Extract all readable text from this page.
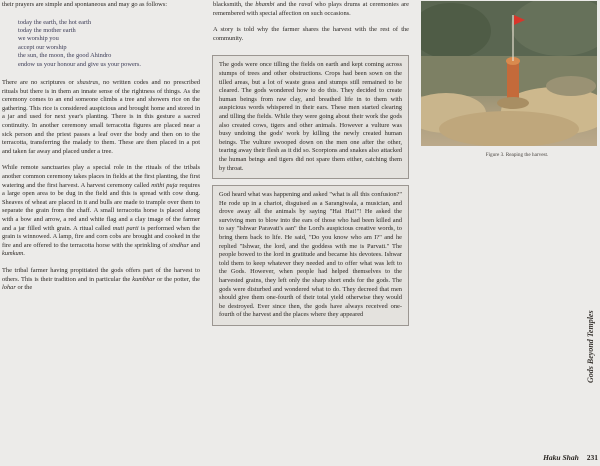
their prayers are simple and spontaneous and may go as follows:

today the earth, the hot earth
today the mother earth
we worship you
accept our worship
the sun, the moon, the good Ahindro
endow us your honour and give us your powers.

There are no scriptures or shastras, no written codes and no prescribed rituals but there is in them an innate sense of the rightness of things. As the ceremony comes to an end someone climbs a tree and showers rice on the gathering. This rice is considered auspicious and brought home and stored in a jar and used for next year's planting. There is in this gesture a sacred continuity. In another ceremony small terracotta figures are placed near a sick person and the priest passes a leaf over the body and then on to the terracotta, transferring the malady to them. These are then placed in a pot and taken far away and placed under a tree.

While remote sanctuaries play a special role in the rituals of the tribals another common ceremony takes places in fields at the first planting, the first watering and the first harvest. A harvest ceremony called mithi puja requires a large open area to be dug in the field and this is spread with cow dung. Sheaves of wheat are placed in it and bulls are made to trample over them to separate the grain from the chaff. A small terracotta horse is placed along with a bow and arrow, a red and white flag and a clay image of the farmer and a jar filled with grain. A ritual called muti parti is performed when the grain is winnowed. A lamp, fire and corn cobs are brought and cooked in the fire and are offered to the terracotta horse with the sprinkling of sindhur and kumkum.

The tribal farmer having propitiated the gods offers part of the harvest to others. This is their tradition and in particular the kumbhar or the potter, the lohar or the

blacksmith, the bhambi and the raval who plays drums at ceremonies are remembered with special affection on such occasions.

A story is told why the farmer shares the harvest with the rest of the community.

The gods were once tilling the fields on earth and kept coming across stumps of trees and other obstructions. Crops had been sown on the tilled areas, but a lot of waste grass and stumps still remained to be cleared. The gods wondered how to do this. They decided to create human beings from raw clay, and breathed life in to them with auspicious words whispered in their ears. These men started clearing and tilling the fields. While they were going about their work the gods also created cows, tigers and other animals. However a vulture was busy undoing the gods' work by killing the newly created human beings. The vulture swooped down on the men one after the other, tearing away their flesh as it did so. Scorpions and snakes also attacked the human beings and tigers did not spare them either, catching them by throat.

God heard what was happening and asked "what is all this confusion?" He rode up in a chariot, disguised as a Sarangiwala, a musician, and drove away all the animals by saying "Hai Hai!"! He asked the surviving men to blow into the ears of those who had been killed and to say "Ishwar Paravati's aan" the Lord's auspicious creative words, to bring them back to life. He said, "Do you know who am I?" and he replied "Ishwar, the lord, and the goddess with me is Parvati." The people bowed to the lord in gratitude and became his devotees. Ishwar told them to keep whatever they needed and to offer what was left to the Gods. However, when people had helped themselves to the harvested grains, they left only the sharp short ends for the gods. The gods were disturbed and wondered what to do. They decreed that men should give them one-fourth of their total yield otherwise they would be destroyed. Ever since then, the gods have always received one-fourth of the harvest and the places where they appeared

Figure 3. Reaping the harvest.
Gods Beyond Temples
Haku Shah 231
